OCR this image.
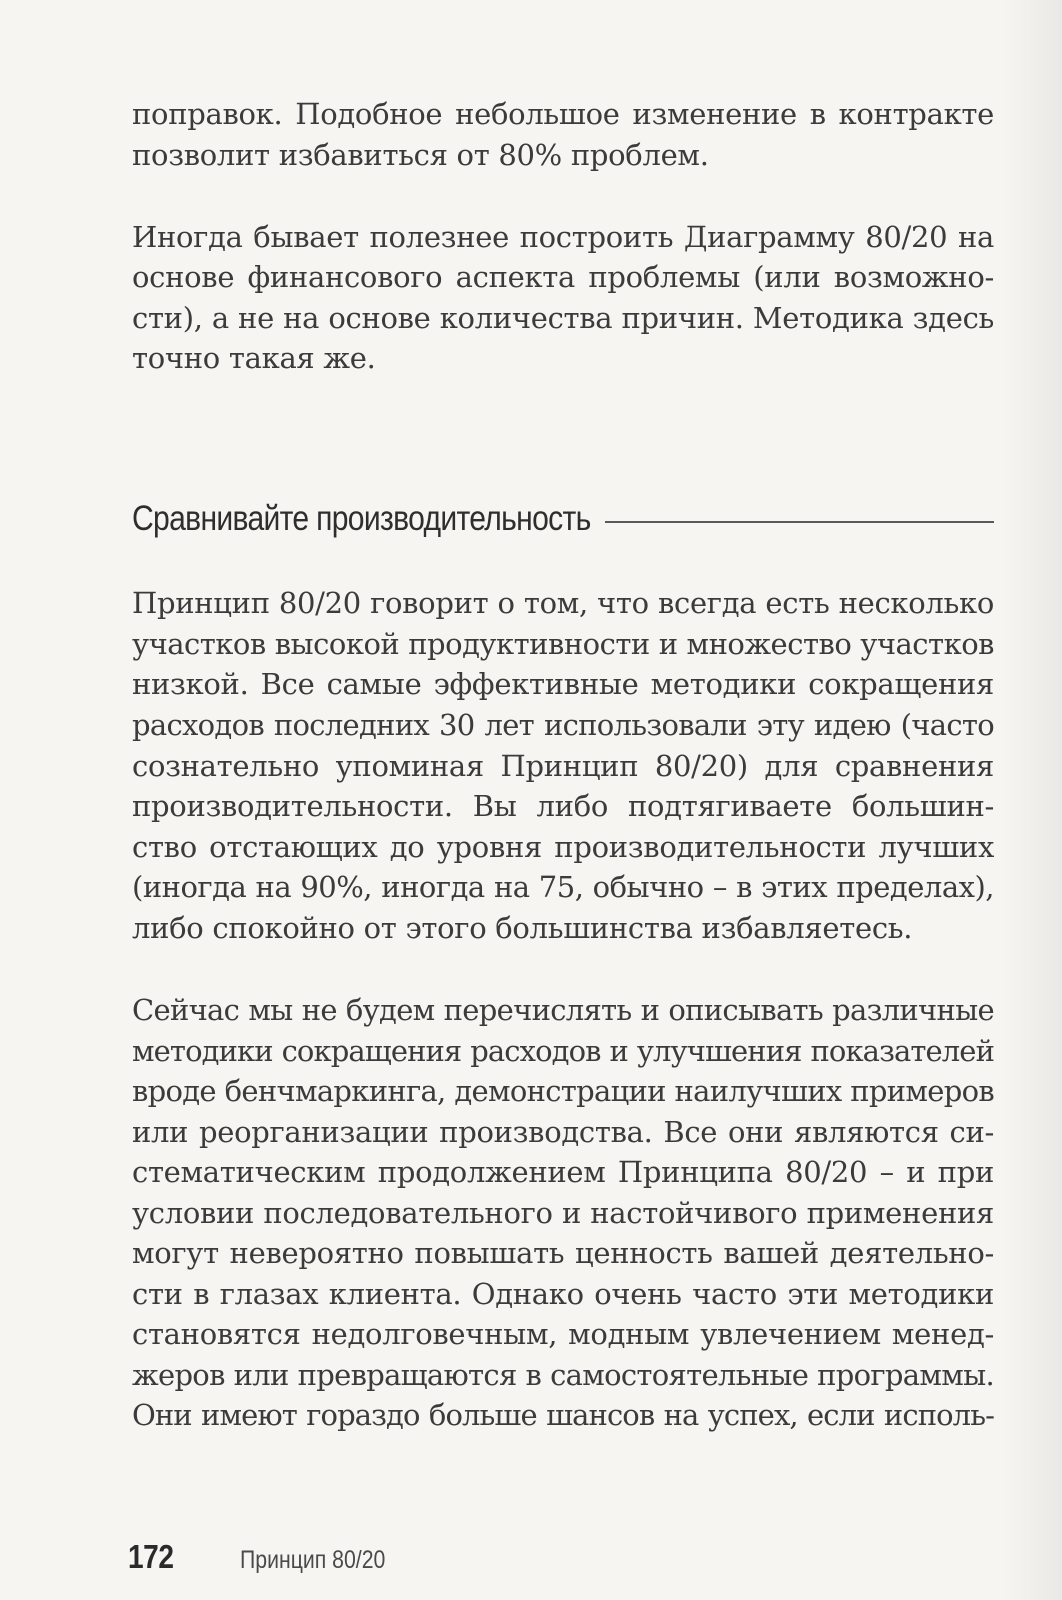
поправок. Подобное небольшое изменение в контракте
позволит избавиться от 80% проблем.
Иногда бывает полезнее построить Диаграмму 80/20 на
основе финансового аспекта проблемы (или возможно-
сти), а не на основе количества причин. Методика здесь
точно такая же.
Сравнивайте производительность
Принцип 80/20 говорит о том, что всегда есть несколько
участков высокой продуктивности и множество участков
низкой. Все самые эффективные методики сокращения
расходов последних 30 лет использовали эту идею (часто
сознательно упоминая Принцип 80/20) для сравнения
производительности. Вы либо подтягиваете большин-
ство отстающих до уровня производительности лучших
(иногда на 90%, иногда на 75, обычно – в этих пределах),
либо спокойно от этого большинства избавляетесь.
Сейчас мы не будем перечислять и описывать различные
методики сокращения расходов и улучшения показателей
вроде бенчмаркинга, демонстрации наилучших примеров
или реорганизации производства. Все они являются си-
стематическим продолжением Принципа 80/20 – и при
условии последовательного и настойчивого применения
могут невероятно повышать ценность вашей деятельно-
сти в глазах клиента. Однако очень часто эти методики
становятся недолговечным, модным увлечением менед-
жеров или превращаются в самостоятельные программы.
Они имеют гораздо больше шансов на успех, если исполь-
172	Принцип 80/20
